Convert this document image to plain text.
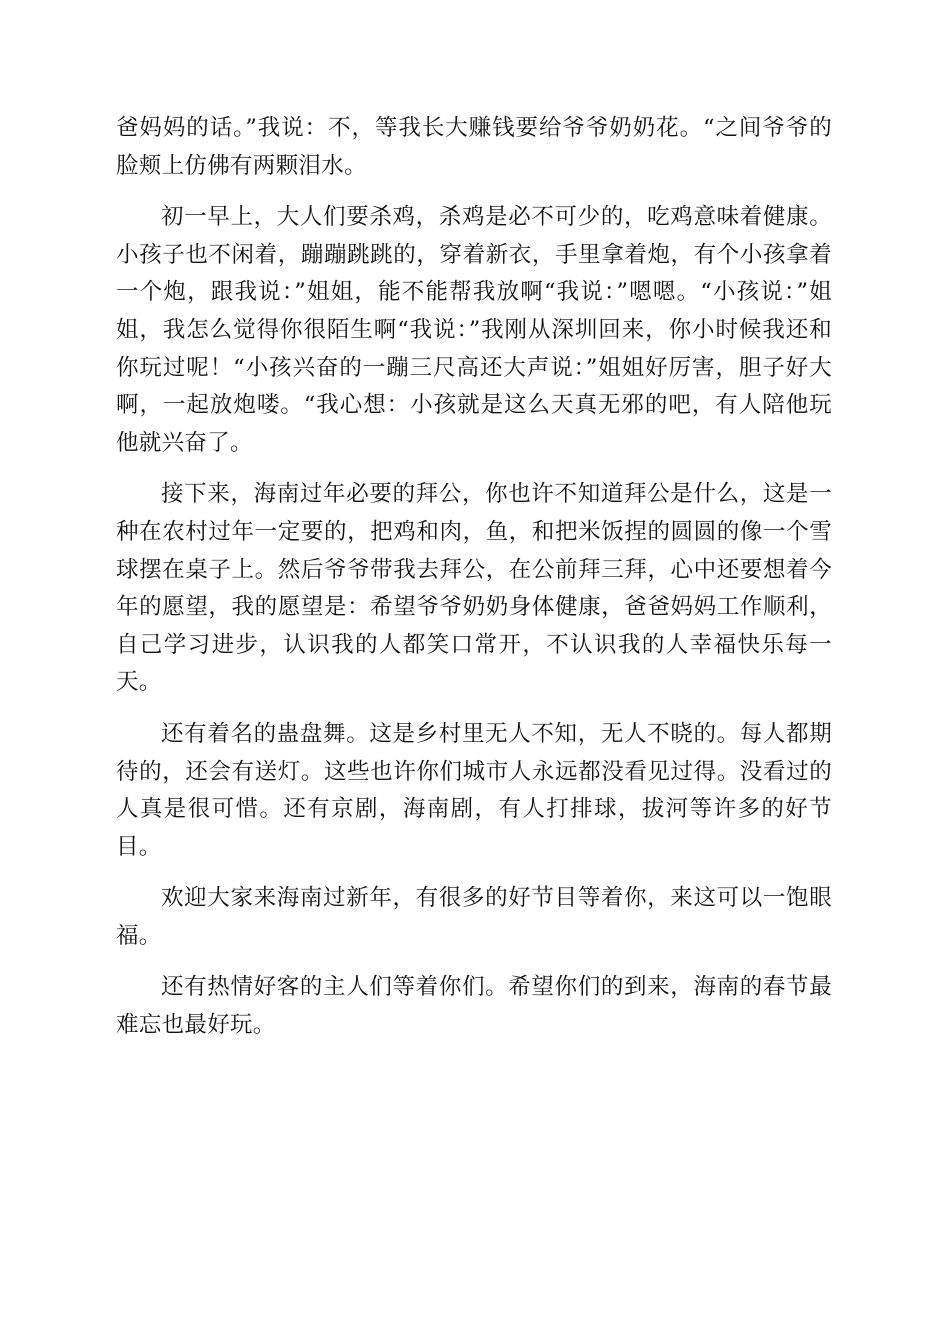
爸妈妈的话。”我说：不，等我长大赚钱要给爷爷奶奶花。“之间爷爷的脸颊上仿佛有两颗泪水。

初一早上，大人们要杀鸡，杀鸡是必不可少的，吃鸡意味着健康。小孩子也不闲着，蹦蹦跳跳的，穿着新衣，手里拿着炮，有个小孩拿着一个炮，跟我说：”姐姐，能不能帮我放啊“我说：”嗯嗯。“小孩说：”姐姐，我怎么觉得你很陌生啊“我说：”我刚从深圳回来，你小时候我还和你玩过呢！“小孩兴奋的一蹦三尺高还大声说：”姐姐好厉害，胆子好大啊，一起放炮喽。“我心想：小孩就是这么天真无邪的吧，有人陪他玩他就兴奋了。

接下来，海南过年必要的拜公，你也许不知道拜公是什么，这是一种在农村过年一定要的，把鸡和肉，鱼，和把米饭捏的圆圆的像一个雪球摆在桌子上。然后爷爷带我去拜公，在公前拜三拜，心中还要想着今年的愿望，我的愿望是：希望爷爷奶奶身体健康，爸爸妈妈工作顺利，自己学习进步，认识我的人都笑口常开，不认识我的人幸福快乐每一天。

还有着名的蛊盘舞。这是乡村里无人不知，无人不晓的。每人都期待的，还会有送灯。这些也许你们城市人永远都没看见过得。没看过的人真是很可惜。还有京剧，海南剧，有人打排球，拔河等许多的好节目。

欢迎大家来海南过新年，有很多的好节目等着你，来这可以一饱眼福。

还有热情好客的主人们等着你们。希望你们的到来，海南的春节最难忘也最好玩。
